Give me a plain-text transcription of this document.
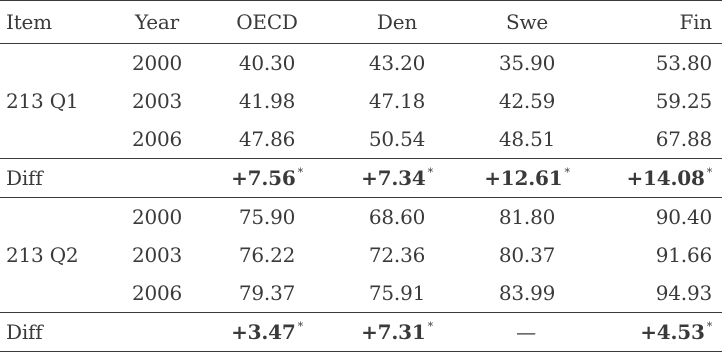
Item	Year	OECD	Den	Swe	Fin
213 Q1	2000	40.30	43.20	35.90	53.80
	2003	41.98	47.18	42.59	59.25
	2006	47.86	50.54	48.51	67.88
Diff		+7.56 *	+7.34 *	+12.61 *	+14.08 *
213 Q2	2000	75.90	68.60	81.80	90.40
	2003	76.22	72.36	80.37	91.66
	2006	79.37	75.91	83.99	94.93
Diff		+3.47 *	+7.31 *	—	+4.53 *
